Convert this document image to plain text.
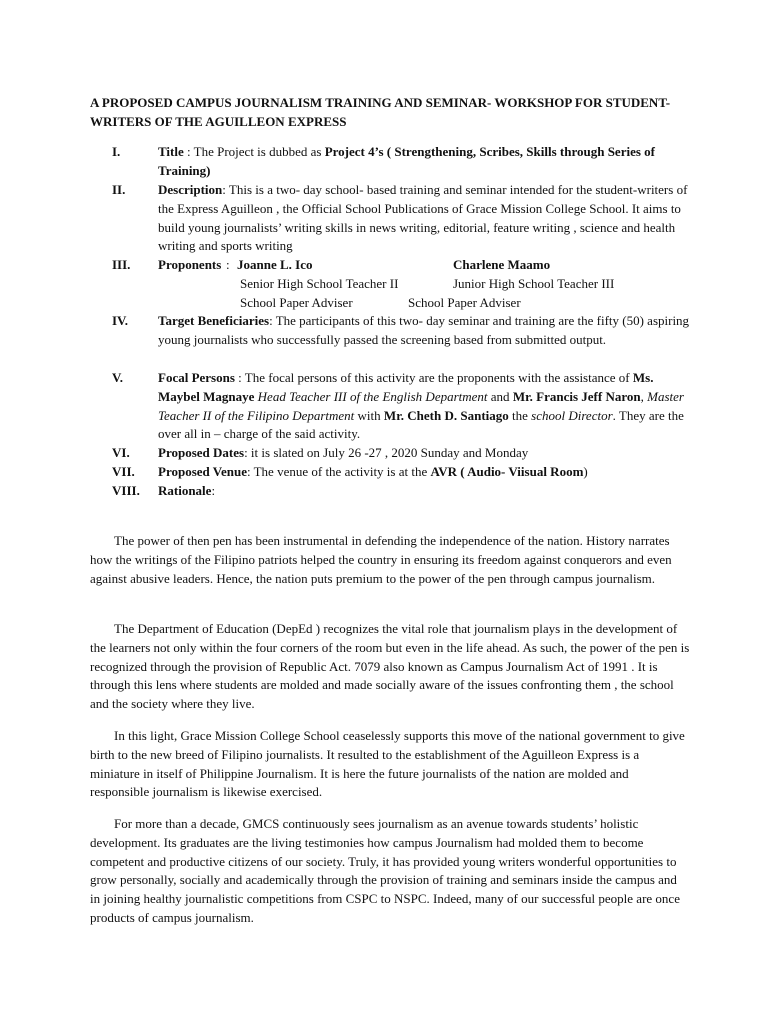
A PROPOSED CAMPUS JOURNALISM TRAINING AND SEMINAR- WORKSHOP FOR STUDENT- WRITERS OF THE AGUILLEON EXPRESS
I.	Title : The Project is dubbed as Project 4’s ( Strengthening, Scribes, Skills through Series of Training)
II.	Description: This is a two- day school- based training and seminar intended for the student-writers of the Express Aguilleon , the Official School Publications of Grace Mission College School. It aims to build young journalists’ writing skills in news writing, editorial, feature writing , science and health writing and sports writing
III. Proponents : Joanne L. Ico	Charlene Maamo
Senior High School Teacher II	Junior High School Teacher III
School Paper Adviser	School Paper Adviser
IV. Target Beneficiaries: The participants of this two- day seminar and training are the fifty (50) aspiring young journalists who successfully passed the screening based from submitted output.
V.	Focal Persons : The focal persons of this activity are the proponents with the assistance of Ms. Maybel Magnaye Head Teacher III of the English Department and Mr. Francis Jeff Naron, Master Teacher II of the Filipino Department with Mr. Cheth D. Santiago the school Director. They are the over all in – charge of the said activity.
VI. Proposed Dates: it is slated on July 26 -27 , 2020 Sunday and Monday
VII. Proposed Venue: The venue of the activity is at the AVR ( Audio- Viisual Room)
VIII. Rationale:

The power of then pen has been instrumental in defending the independence of the nation. History narrates how the writings of the Filipino patriots helped the country in ensuring its freedom against conquerors and even against abusive leaders. Hence, the nation puts premium to the power of the pen through campus journalism.

The Department of Education (DepEd ) recognizes the vital role that journalism plays in the development of the learners not only within the four corners of the room but even in the life ahead. As such, the power of the pen is recognized through the provision of Republic Act. 7079 also known as Campus Journalism Act of 1991 . It is through this lens where students are molded and made socially aware of the issues confronting them , the school and the society where they live.

In this light, Grace Mission College School ceaselessly supports this move of the national government to give birth to the new breed of Filipino journalists. It resulted to the establishment of the Aguilleon Express is a miniature in itself of Philippine Journalism. It is here the future journalists of the nation are molded and responsible journalism is likewise exercised.

For more than a decade, GMCS continuously sees journalism as an avenue towards students’ holistic development. Its graduates are the living testimonies how campus Journalism had molded them to become competent and productive citizens of our society. Truly, it has provided young writers wonderful opportunities to grow personally, socially and academically through the provision of training and seminars inside the campus and in joining healthy journalistic competitions from CSPC to NSPC. Indeed, many of our successful people are once products of campus journalism.
